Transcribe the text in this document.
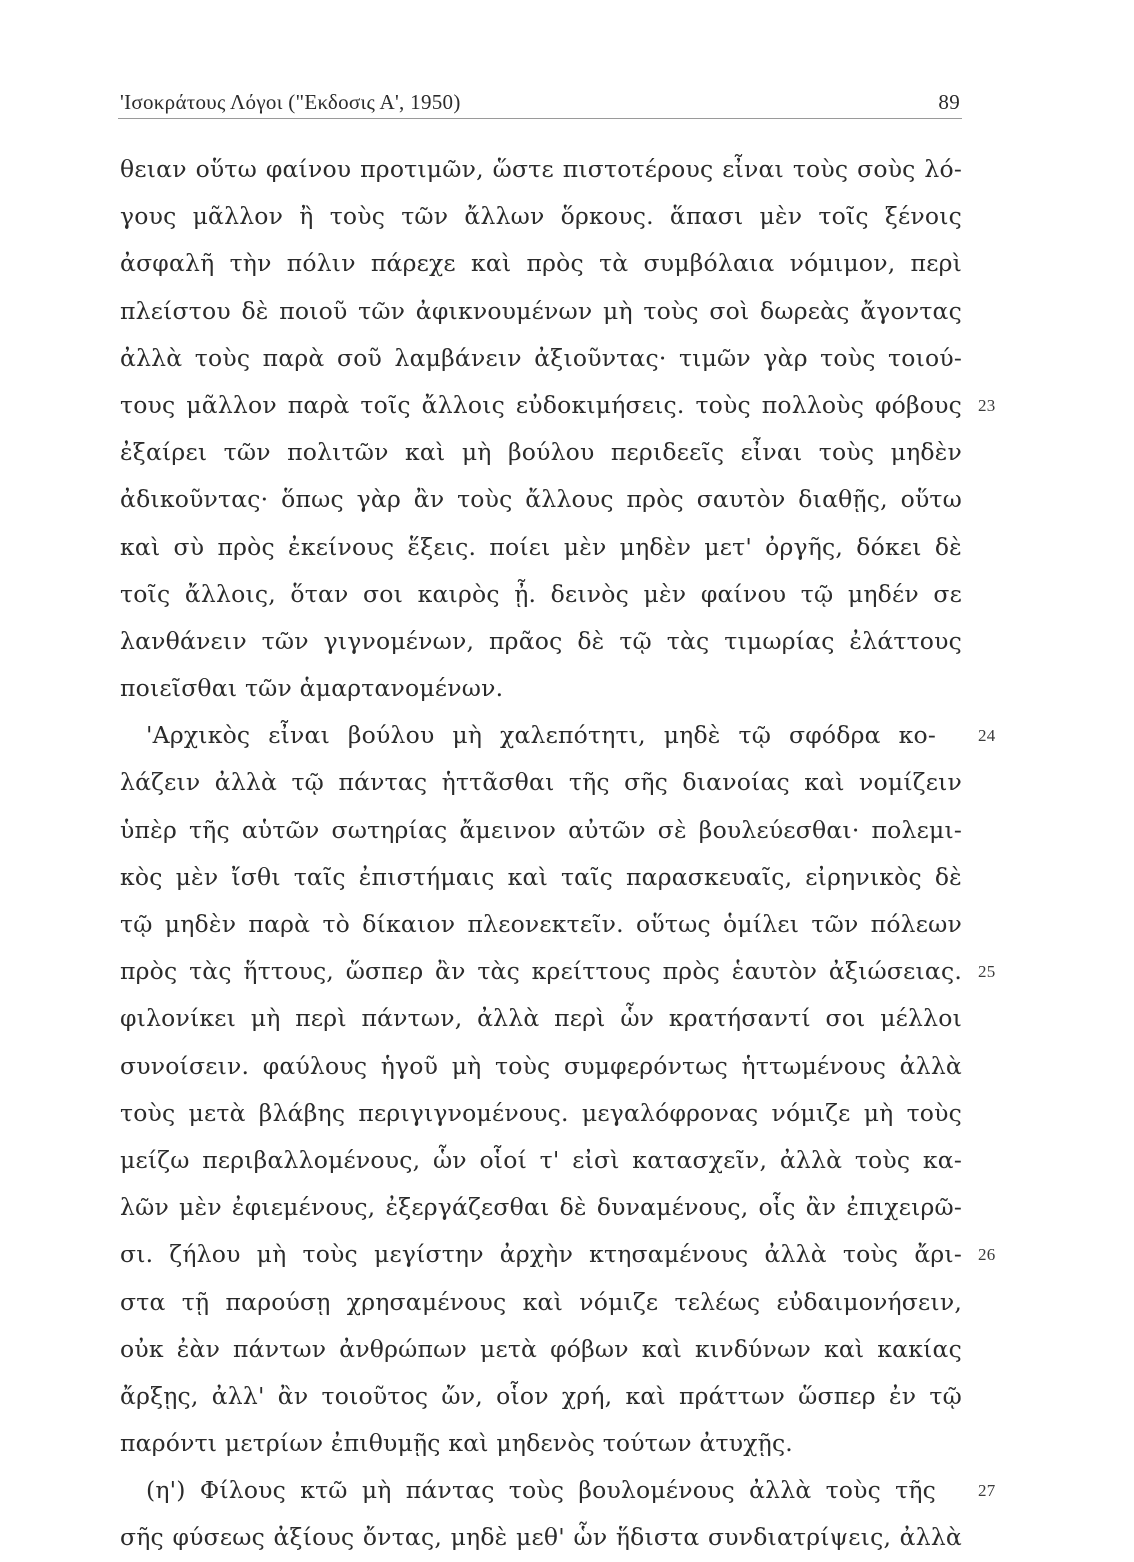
'Ισοκράτους Λόγοι ("Εκδοσις Α', 1950)	89
θειαν οὕτω φαίνου προτιμῶν, ὥστε πιστοτέρους εἶναι τοὺς σοὺς λό-
γους μᾶλλον ἢ τοὺς τῶν ἄλλων ὅρκους. ἅπασι μὲν τοῖς ξένοις
ἀσφαλῆ τὴν πόλιν πάρεχε καὶ πρὸς τὰ συμβόλαια νόμιμον, περὶ
πλείστου δὲ ποιοῦ τῶν ἀφικνουμένων μὴ τοὺς σοὶ δωρεὰς ἄγοντας
ἀλλὰ τοὺς παρὰ σοῦ λαμβάνειν ἀξιοῦντας· τιμῶν γὰρ τοὺς τοιού-
τους μᾶλλον παρὰ τοῖς ἄλλοις εὐδοκιμήσεις. τοὺς πολλοὺς φόβους 23
ἐξαίρει τῶν πολιτῶν καὶ μὴ βούλου περιδεεῖς εἶναι τοὺς μηδὲν
ἀδικοῦντας· ὅπως γὰρ ἂν τοὺς ἄλλους πρὸς σαυτὸν διαθῇς, οὕτω
καὶ σὺ πρὸς ἐκείνους ἕξεις. ποίει μὲν μηδὲν μετ' ὀργῆς, δόκει δὲ
τοῖς ἄλλοις, ὅταν σοι καιρὸς ᾖ. δεινὸς μὲν φαίνου τῷ μηδέν σε
λανθάνειν τῶν γιγνομένων, πρᾶος δὲ τῷ τὰς τιμωρίας ἐλάττους
ποιεῖσθαι τῶν ἁμαρτανομένων.
'Αρχικὸς εἶναι βούλου μὴ χαλεπότητι, μηδὲ τῷ σφόδρα κο- 24
λάζειν ἀλλὰ τῷ πάντας ἡττᾶσθαι τῆς σῆς διανοίας καὶ νομίζειν
ὑπὲρ τῆς αὑτῶν σωτηρίας ἄμεινον αὐτῶν σὲ βουλεύεσθαι· πολεμι-
κὸς μὲν ἴσθι ταῖς ἐπιστήμαις καὶ ταῖς παρασκευαῖς, εἰρηνικὸς δὲ
τῷ μηδὲν παρὰ τὸ δίκαιον πλεονεκτεῖν. οὕτως ὁμίλει τῶν πόλεων
πρὸς τὰς ἥττους, ὥσπερ ἂν τὰς κρείττους πρὸς ἑαυτὸν ἀξιώσειας. 25
φιλονίκει μὴ περὶ πάντων, ἀλλὰ περὶ ὧν κρατήσαντί σοι μέλλοι
συνοίσειν. φαύλους ἡγοῦ μὴ τοὺς συμφερόντως ἡττωμένους ἀλλὰ
τοὺς μετὰ βλάβης περιγιγνομένους. μεγαλόφρονας νόμιζε μὴ τοὺς
μείζω περιβαλλομένους, ὧν οἷοί τ' εἰσὶ κατασχεῖν, ἀλλὰ τοὺς κα-
λῶν μὲν ἐφιεμένους, ἐξεργάζεσθαι δὲ δυναμένους, οἷς ἂν ἐπιχειρῶ-
σι. ζήλου μὴ τοὺς μεγίστην ἀρχὴν κτησαμένους ἀλλὰ τοὺς ἄρι- 26
στα τῇ παρούσῃ χρησαμένους καὶ νόμιζε τελέως εὐδαιμονήσειν,
οὐκ ἐὰν πάντων ἀνθρώπων μετὰ φόβων καὶ κινδύνων καὶ κακίας
ἄρξῃς, ἀλλ' ἂν τοιοῦτος ὤν, οἷον χρή, καὶ πράττων ὥσπερ ἐν τῷ
παρόντι μετρίων ἐπιθυμῇς καὶ μηδενὸς τούτων ἀτυχῇς.
(η') Φίλους κτῶ μὴ πάντας τοὺς βουλομένους ἀλλὰ τοὺς τῆς 27
σῆς φύσεως ἀξίους ὄντας, μηδὲ μεθ' ὧν ἥδιστα συνδιατρίψεις, ἀλλὰ
